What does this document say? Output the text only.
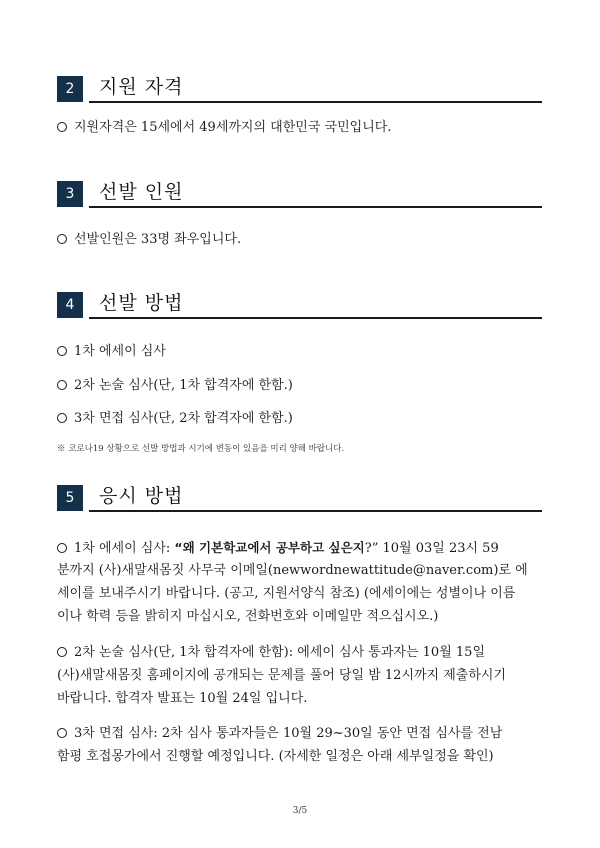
2	지원 자격
지원자격은 15세에서 49세까지의 대한민국 국민입니다.
3	선발 인원
선발인원은 33명 좌우입니다.
4	선발 방법
1차 에세이 심사
2차 논술 심사(단, 1차 합격자에 한함.)
3차 면접 심사(단, 2차 합격자에 한함.)
※ 코로나19 상황으로 선발 방법과 시기에 변동이 있음을 미리 양해 바랍니다.
5	응시 방법
1차 에세이 심사: “왜 기본학교에서 공부하고 싶은지?” 10월 03일 23시 59
분까지 (사)새말새몸짓 사무국 이메일(newwordnewattitude@naver.com)로 에
세이를 보내주시기 바랍니다. (공고, 지원서양식 참조) (에세이에는 성별이나 이름
이나 학력 등을 밝히지 마십시오, 전화번호와 이메일만 적으십시오.)
2차 논술 심사(단, 1차 합격자에 한함): 에세이 심사 통과자는 10월 15일
(사)새말새몸짓 홈페이지에 공개되는 문제를 풀어 당일 밤 12시까지 제출하시기
바랍니다. 합격자 발표는 10월 24일 입니다.
3차 면접 심사: 2차 심사 통과자들은 10월 29~30일 동안 면접 심사를 전남
함평 호접몽가에서 진행할 예정입니다. (자세한 일정은 아래 세부일정을 확인)
3/5
